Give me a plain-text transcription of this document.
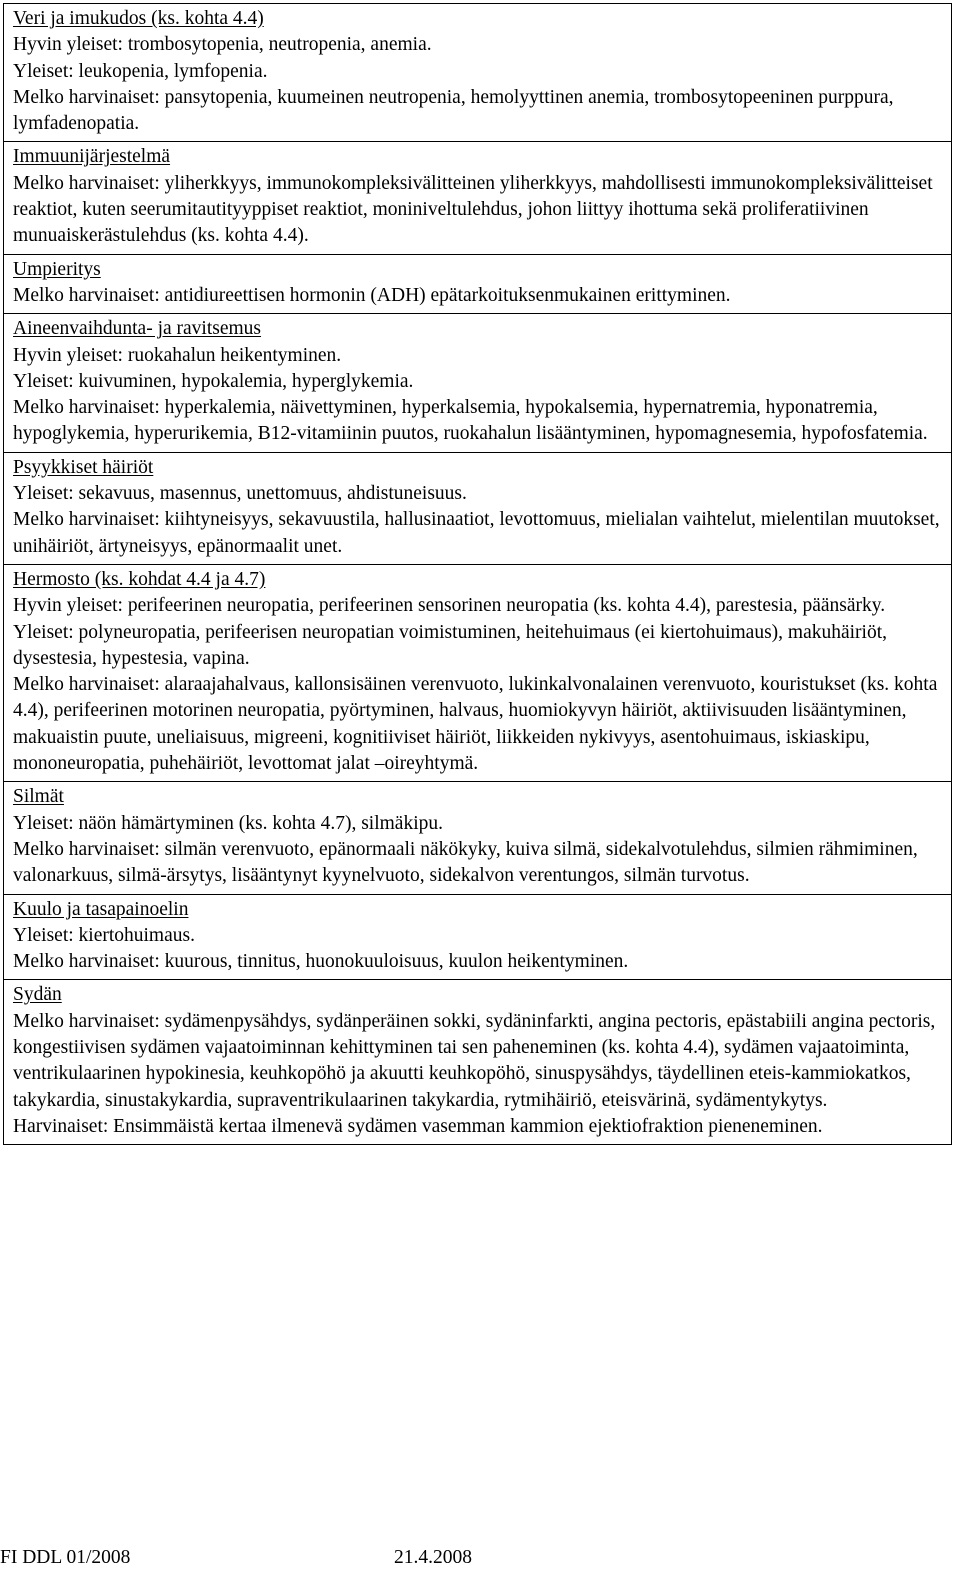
Veri ja imukudos (ks. kohta 4.4)

Hyvin yleiset: trombosytopenia, neutropenia, anemia.

Yleiset: leukopenia, lymfopenia.

Melko harvinaiset: pansytopenia, kuumeinen neutropenia, hemolyyttinen anemia, trombosytopeeninen purppura, lymfadenopatia.

Immuunijärjestelmä

Melko harvinaiset: yliherkkyys, immunokompleksivälitteinen yliherkkyys, mahdollisesti immunokompleksivälitteiset reaktiot, kuten seerumitautityyppiset reaktiot, moniniveltulehdus, johon liittyy ihottuma sekä proliferatiivinen munuaiskerästulehdus (ks. kohta 4.4).

Umpieritys

Melko harvinaiset: antidiureettisen hormonin (ADH) epätarkoituksenmukainen erittyminen.

Aineenvaihdunta- ja ravitsemus

Hyvin yleiset: ruokahalun heikentyminen.

Yleiset: kuivuminen, hypokalemia, hyperglykemia.

Melko harvinaiset: hyperkalemia, näivettyminen, hyperkalsemia, hypokalsemia, hypernatremia, hyponatremia, hypoglykemia, hyperurikemia, B12-vitamiinin puutos, ruokahalun lisääntyminen, hypomagnesemia, hypofosfatemia.

Psyykkiset häiriöt

Yleiset: sekavuus, masennus, unettomuus, ahdistuneisuus.

Melko harvinaiset: kiihtyneisyys, sekavuustila, hallusinaatiot, levottomuus, mielialan vaihtelut, mielentilan muutokset, unihäiriöt, ärtyneisyys, epänormaalit unet.

Hermosto (ks. kohdat 4.4 ja 4.7)

Hyvin yleiset: perifeerinen neuropatia, perifeerinen sensorinen neuropatia (ks. kohta 4.4), parestesia, päänsärky.

Yleiset: polyneuropatia, perifeerisen neuropatian voimistuminen, heitehuimaus (ei kiertohuimaus), makuhäiriöt, dysestesia, hypestesia, vapina.

Melko harvinaiset: alaraajahalvaus, kallonsisäinen verenvuoto, lukinkalvonalainen verenvuoto, kouristukset (ks. kohta 4.4), perifeerinen motorinen neuropatia, pyörtyminen, halvaus, huomiokyvyn häiriöt, aktiivisuuden lisääntyminen, makuaistin puute, uneliaisuus, migreeni, kognitiiviset häiriöt, liikkeiden nykivyys, asentohuimaus, iskiaskipu, mononeuropatia, puhehäiriöt, levottomat jalat –oireyhtymä.

Silmät

Yleiset: näön hämärtyminen (ks. kohta 4.7), silmäkipu.

Melko harvinaiset: silmän verenvuoto, epänormaali näkökyky, kuiva silmä, sidekalvotulehdus, silmien rähmiminen, valonarkuus, silmä-ärsytys, lisääntynyt kyynelvuoto, sidekalvon verentungos, silmän turvotus.

Kuulo ja tasapainoelin

Yleiset: kiertohuimaus.

Melko harvinaiset: kuurous, tinnitus, huonokuuloisuus, kuulon heikentyminen.

Sydän

Melko harvinaiset: sydämenpysähdys, sydänperäinen sokki, sydäninfarkti, angina pectoris, epästabiili angina pectoris, kongestiivisen sydämen vajaatoiminnan kehittyminen tai sen paheneminen (ks. kohta 4.4), sydämen vajaatoiminta, ventrikulaarinen hypokinesia, keuhkopöhö ja akuutti keuhkopöhö, sinuspysähdys, täydellinen eteis-kammiokatkos, takykardia, sinustakykardia, supraventrikulaarinen takykardia, rytmihäiriö, eteisvärinä, sydämentykytys.

Harvinaiset: Ensimmäistä kertaa ilmenevä sydämen vasemman kammion ejektiofraktion pieneneminen.

FI DDL 01/2008	21.4.2008
